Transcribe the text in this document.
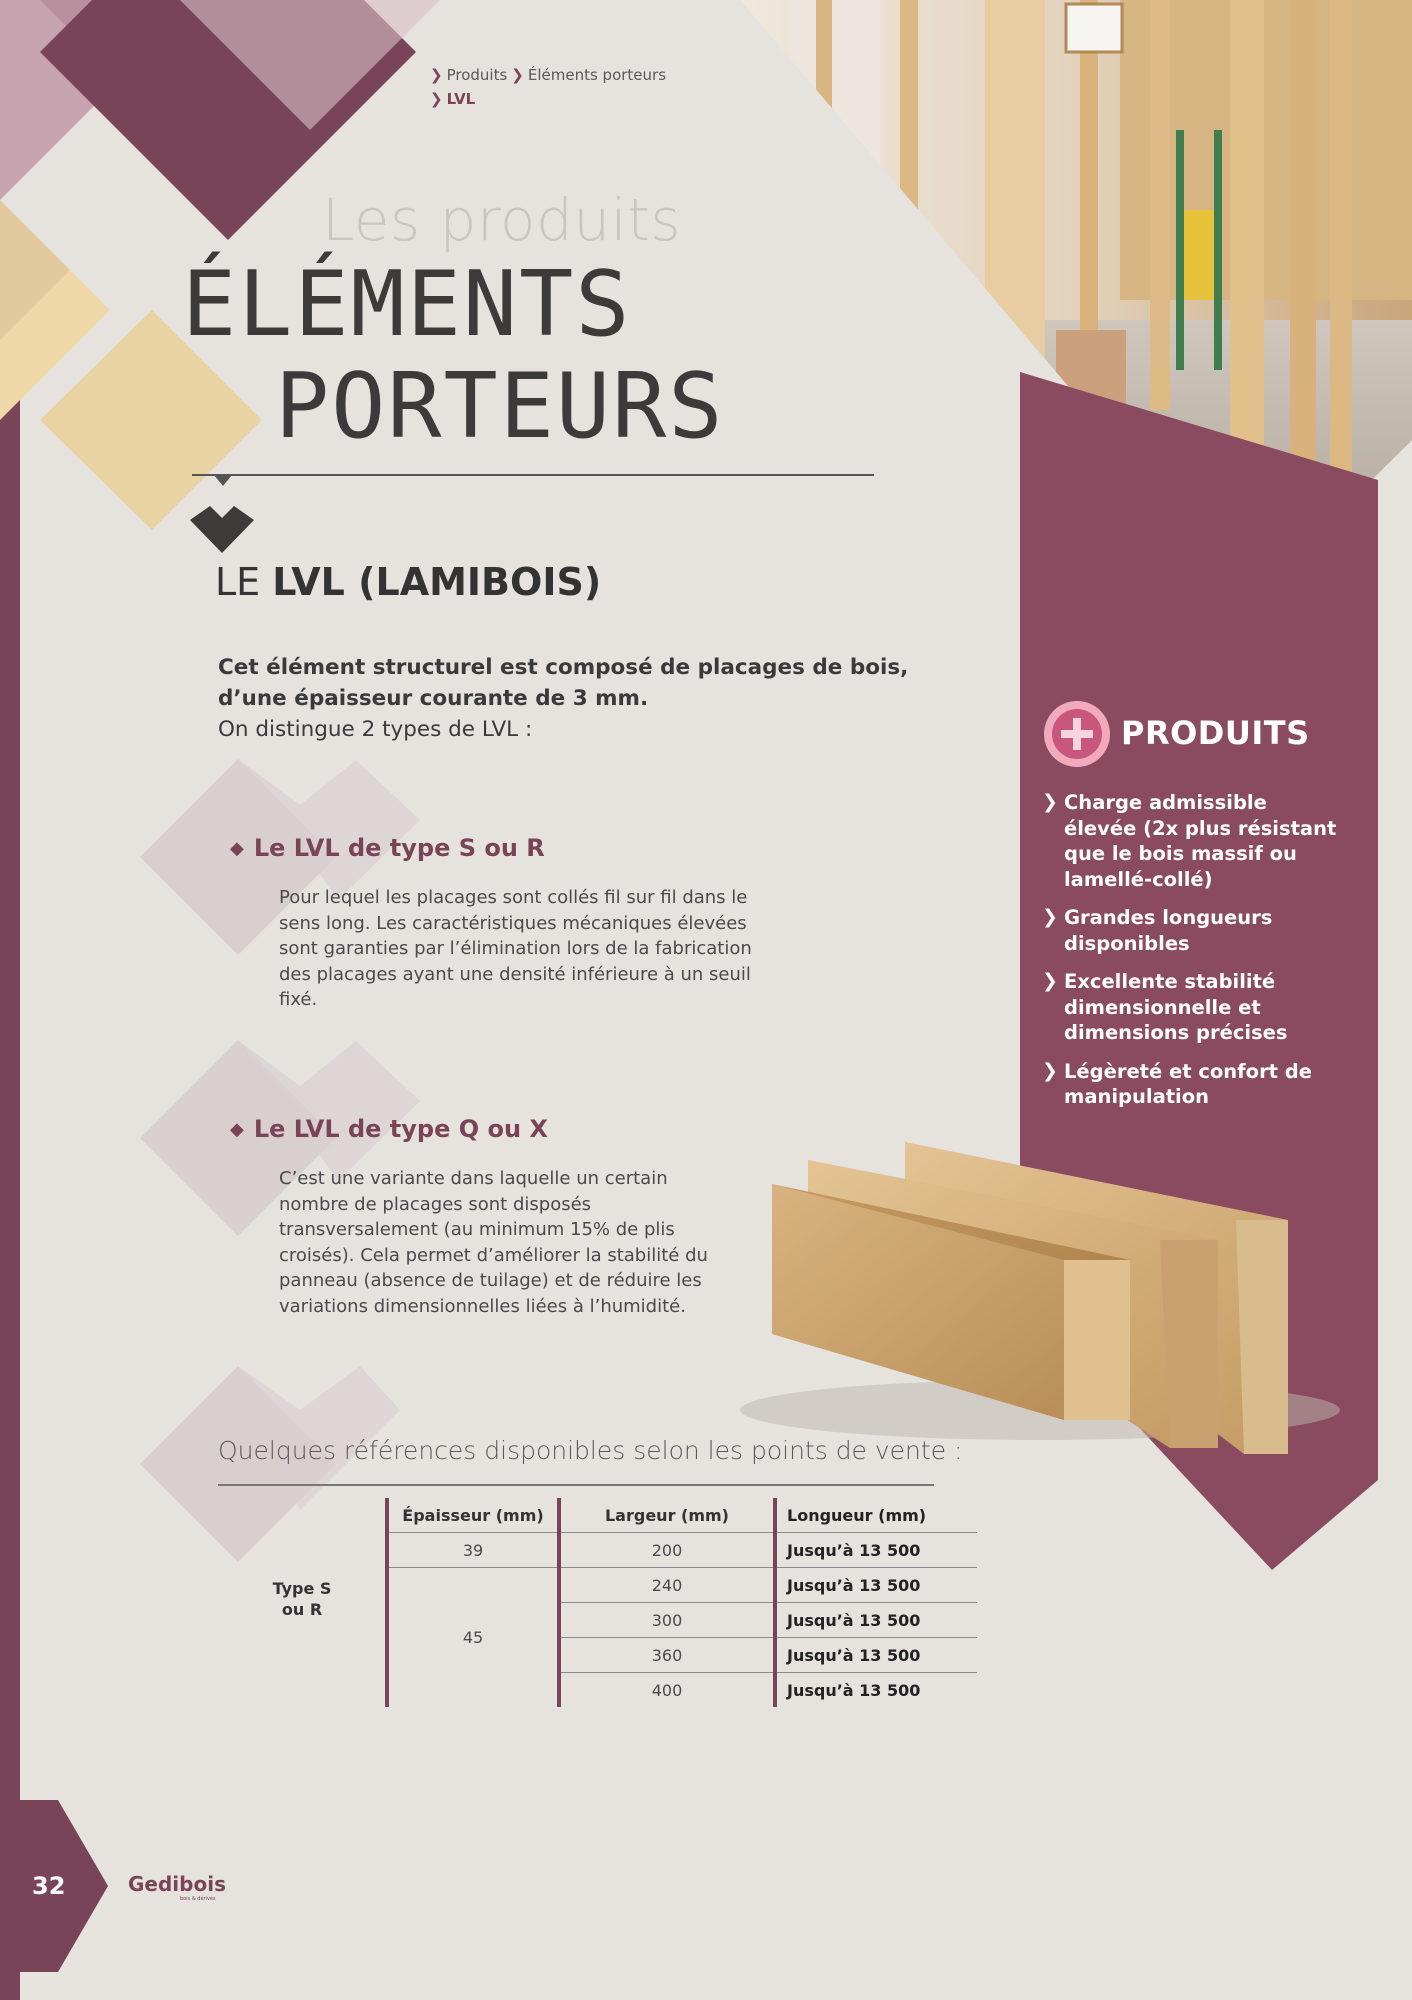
❯ Produits ❯ Éléments porteurs
❯ LVL
Les produits
ÉLÉMENTS
PORTEURS
LE LVL (LAMIBOIS)
Cet élément structurel est composé de placages de bois,
d’une épaisseur courante de 3 mm.
On distingue 2 types de LVL :
◆ Le LVL de type S ou R
Pour lequel les placages sont collés fil sur fil dans le sens long. Les caractéristiques mécaniques élevées sont garanties par l’élimination lors de la fabrication des placages ayant une densité inférieure à un seuil fixé.
◆ Le LVL de type Q ou X
C’est une variante dans laquelle un certain nombre de placages sont disposés transversalement (au minimum 15% de plis croisés). Cela permet d’améliorer la stabilité du panneau (absence de tuilage) et de réduire les variations dimensionnelles liées à l’humidité.
Quelques références disponibles selon les points de vente :
Type S
ou R
Épaisseur (mm)	Largeur (mm)	Longueur (mm)
39	200	Jusqu’à 13 500
45	240	Jusqu’à 13 500
	300	Jusqu’à 13 500
	360	Jusqu’à 13 500
	400	Jusqu’à 13 500
PRODUITS
❯ Charge admissible élevée (2x plus résistant que le bois massif ou lamellé-collé)
❯ Grandes longueurs disponibles
❯ Excellente stabilité dimensionnelle et dimensions précises
❯ Légèreté et confort de manipulation
32	Gedibois
bois & dérivés
